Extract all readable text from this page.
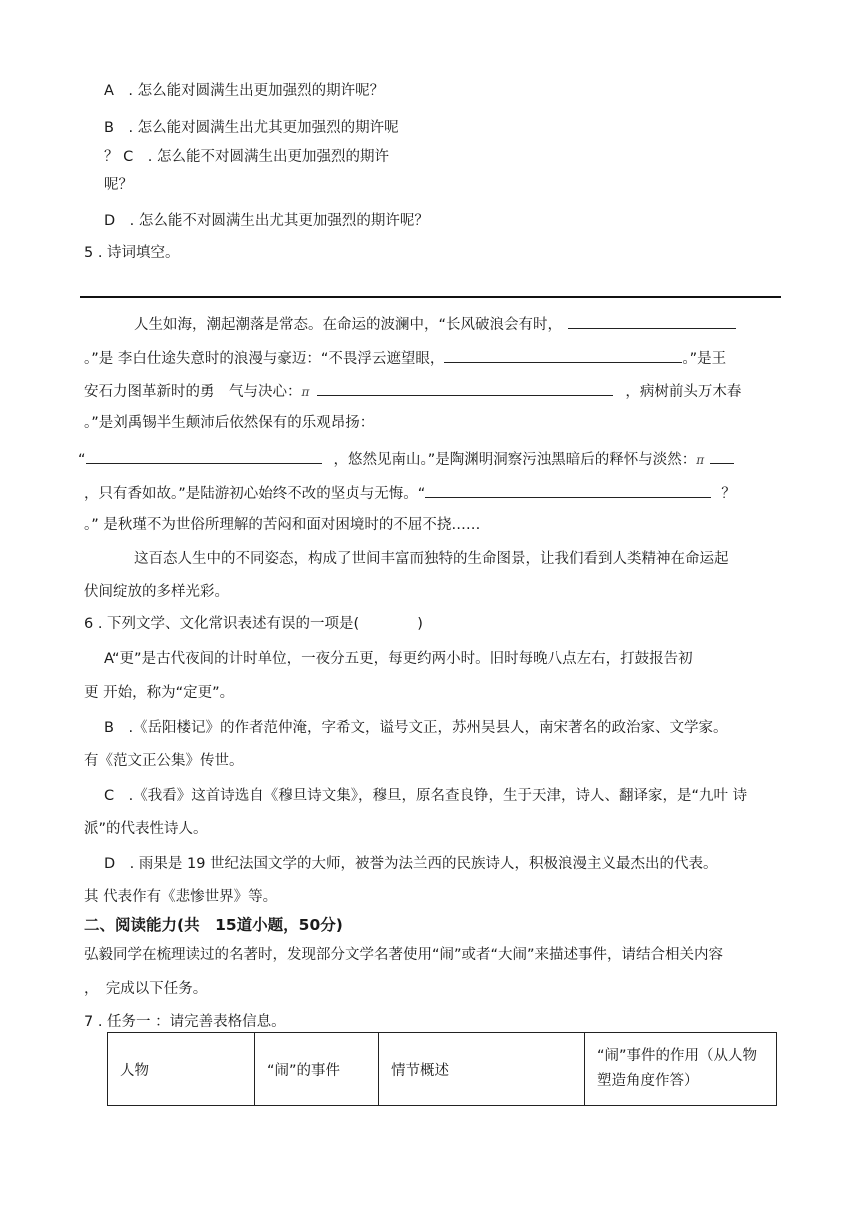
A　. 怎么能对圆满生出更加强烈的期许呢？
B　. 怎么能对圆满生出尤其更加强烈的期许呢
？ C　. 怎么能不对圆满生出更加强烈的期许
呢？
D　. 怎么能不对圆满生出尤其更加强烈的期许呢？
5 . 诗词填空。
人生如海，潮起潮落是常态。在命运的波澜中，“长风破浪会有时，
。”是 李白仕途失意时的浪漫与豪迈：“不畏浮云遮望眼，	。”是王
安石力图革新时的勇　气与决心：π	，病树前头万木春
。”是刘禹锡半生颠沛后依然保有的乐观昂扬：
“	，悠然见南山。”是陶渊明洞察污浊黑暗后的释怀与淡然：π
，只有香如故。”是陆游初心始终不改的坚贞与无悔。“	？
。” 是秋瑾不为世俗所理解的苦闷和面对困境时的不屈不挠……
这百态人生中的不同姿态，构成了世间丰富而独特的生命图景，让我们看到人类精神在命运起
伏间绽放的多样光彩。
6 . 下列文学、文化常识表述有误的一项是(　　　　)
A“更”是古代夜间的计时单位，一夜分五更，每更约两小时。旧时每晚八点左右，打鼓报告初
更 开始，称为“定更”。
B　.《岳阳楼记》的作者范仲淹，字希文，谥号文正，苏州吴县人，南宋著名的政治家、文学家。
有《范文正公集》传世。
C　.《我看》这首诗选自《穆旦诗文集》，穆旦，原名查良铮，生于天津，诗人、翻译家，是“九叶 诗
派”的代表性诗人。
D　. 雨果是 19 世纪法国文学的大师，被誉为法兰西的民族诗人，积极浪漫主义最杰出的代表。
其 代表作有《悲惨世界》等。
二、阅读能力(共　15道小题，50分)
弘毅同学在梳理读过的名著时，发现部分文学名著使用“闹”或者“大闹”来描述事件，请结合相关内容
，　完成以下任务。
7 . 任务一 ：请完善表格信息。
人物	“闹”的事件	情节概述	“闹”事件的作用（从人物塑造角度作答）
